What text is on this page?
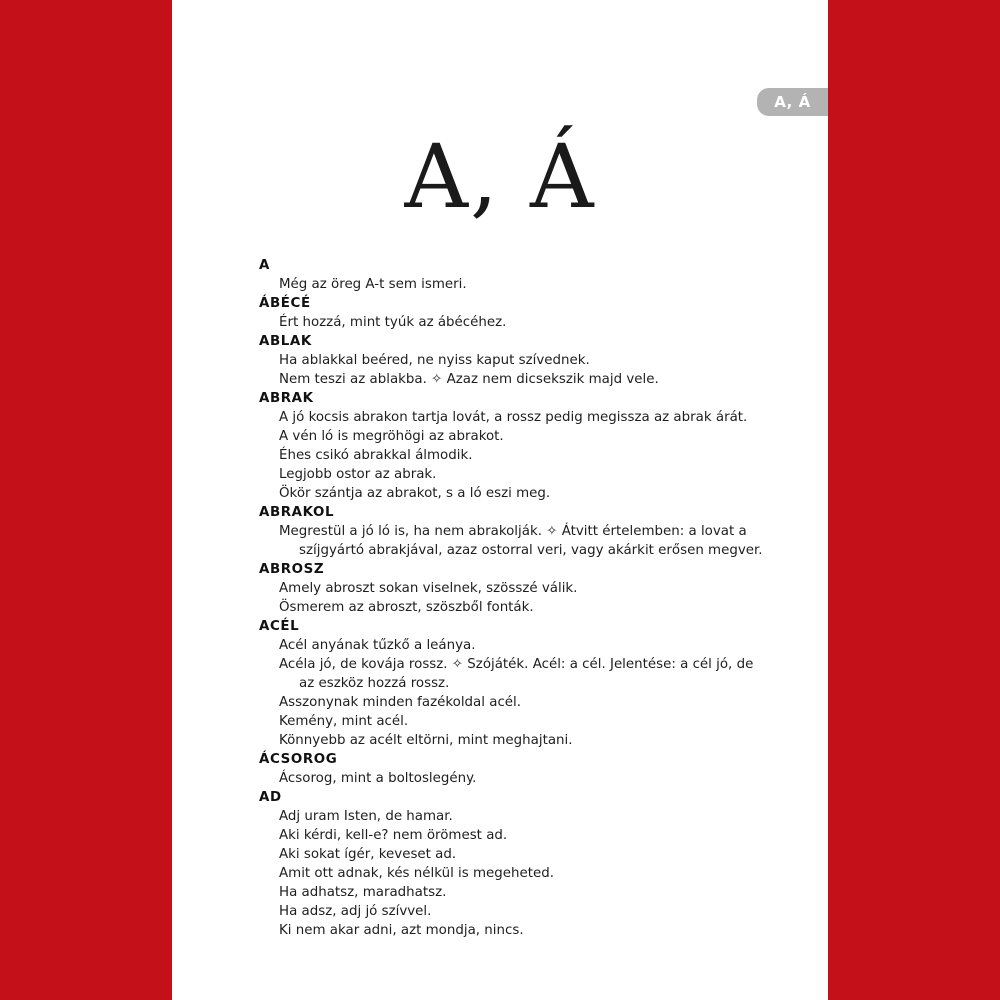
A, Á
A, Á
A
Még az öreg A-t sem ismeri.
ÁBÉCÉ
Ért hozzá, mint tyúk az ábécéhez.
ABLAK
Ha ablakkal beéred, ne nyiss kaput szívednek.
Nem teszi az ablakba. ✧ Azaz nem dicsekszik majd vele.
ABRAK
A jó kocsis abrakon tartja lovát, a rossz pedig megissza az abrak árát.
A vén ló is megröhögi az abrakot.
Éhes csikó abrakkal álmodik.
Legjobb ostor az abrak.
Ökör szántja az abrakot, s a ló eszi meg.
ABRAKOL
Megrestül a jó ló is, ha nem abrakolják. ✧ Átvitt értelemben: a lovat a
szíjgyártó abrakjával, azaz ostorral veri, vagy akárkit erősen megver.
ABROSZ
Amely abroszt sokan viselnek, szösszé válik.
Ösmerem az abroszt, szöszből fonták.
ACÉL
Acél anyának tűzkő a leánya.
Acéla jó, de kovája rossz. ✧ Szójáték. Acél: a cél. Jelentése: a cél jó, de
az eszköz hozzá rossz.
Asszonynak minden fazékoldal acél.
Kemény, mint acél.
Könnyebb az acélt eltörni, mint meghajtani.
ÁCSOROG
Ácsorog, mint a boltoslegény.
AD
Adj uram Isten, de hamar.
Aki kérdi, kell-e? nem örömest ad.
Aki sokat ígér, keveset ad.
Amit ott adnak, kés nélkül is megeheted.
Ha adhatsz, maradhatsz.
Ha adsz, adj jó szívvel.
Ki nem akar adni, azt mondja, nincs.
